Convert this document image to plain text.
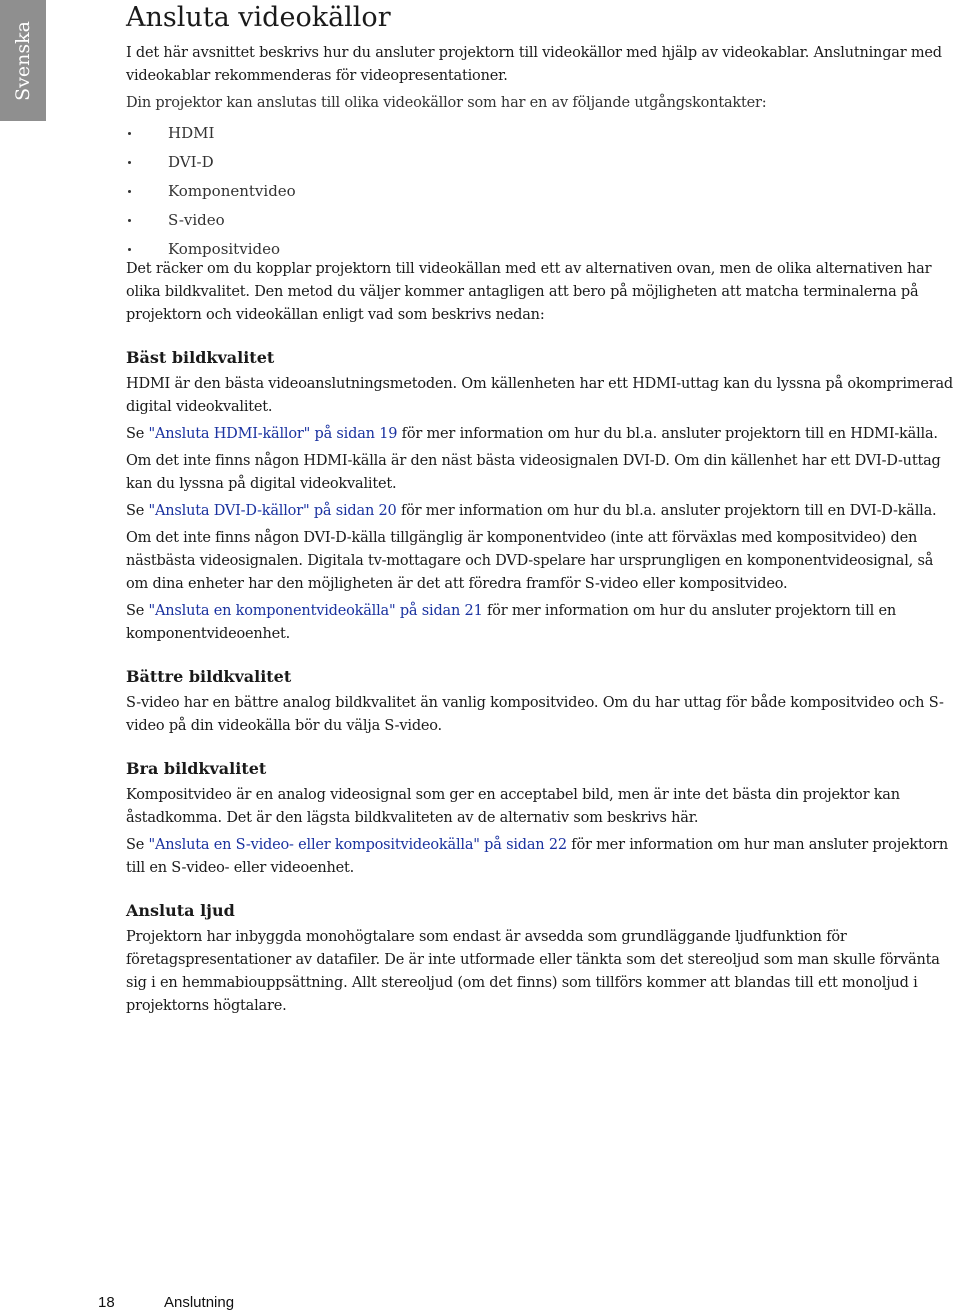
Svenska
Ansluta videokällor

I det här avsnittet beskrivs hur du ansluter projektorn till videokällor med hjälp av videokablar. Anslutningar med videokablar rekommenderas för videopresentationer.

Din projektor kan anslutas till olika videokällor som har en av följande utgångskontakter:

HDMI
DVI-D
Komponentvideo
S-video
Kompositvideo

Det räcker om du kopplar projektorn till videokällan med ett av alternativen ovan, men de olika alternativen har olika bildkvalitet. Den metod du väljer kommer antagligen att bero på möjligheten att matcha terminalerna på projektorn och videokällan enligt vad som beskrivs nedan:

Bäst bildkvalitet

HDMI är den bästa videoanslutningsmetoden. Om källenheten har ett HDMI-uttag kan du lyssna på okomprimerad digital videokvalitet.

Se "Ansluta HDMI-källor" på sidan 19 för mer information om hur du bl.a. ansluter projektorn till en HDMI-källa.

Om det inte finns någon HDMI-källa är den näst bästa videosignalen DVI-D. Om din källenhet har ett DVI-D-uttag kan du lyssna på digital videokvalitet.

Se "Ansluta DVI-D-källor" på sidan 20 för mer information om hur du bl.a. ansluter projektorn till en DVI-D-källa.

Om det inte finns någon DVI-D-källa tillgänglig är komponentvideo (inte att förväxlas med kompositvideo) den nästbästa videosignalen. Digitala tv-mottagare och DVD-spelare har ursprungligen en komponentvideosignal, så om dina enheter har den möjligheten är det att föredra framför S-video eller kompositvideo.

Se "Ansluta en komponentvideokälla" på sidan 21 för mer information om hur du ansluter projektorn till en komponentvideoenhet.

Bättre bildkvalitet

S-video har en bättre analog bildkvalitet än vanlig kompositvideo. Om du har uttag för både kompositvideo och S-video på din videokälla bör du välja S-video.

Bra bildkvalitet

Kompositvideo är en analog videosignal som ger en acceptabel bild, men är inte det bästa din projektor kan åstadkomma. Det är den lägsta bildkvaliteten av de alternativ som beskrivs här.

Se "Ansluta en S-video- eller kompositvideokälla" på sidan 22 för mer information om hur man ansluter projektorn till en S-video- eller videoenhet.

Ansluta ljud

Projektorn har inbyggda monohögtalare som endast är avsedda som grundläggande ljudfunktion för företagspresentationer av datafiler. De är inte utformade eller tänkta som det stereoljud som man skulle förvänta sig i en hemmabiouppsättning. Allt stereoljud (om det finns) som tillförs kommer att blandas till ett monoljud i projektorns högtalare.

18	Anslutning
